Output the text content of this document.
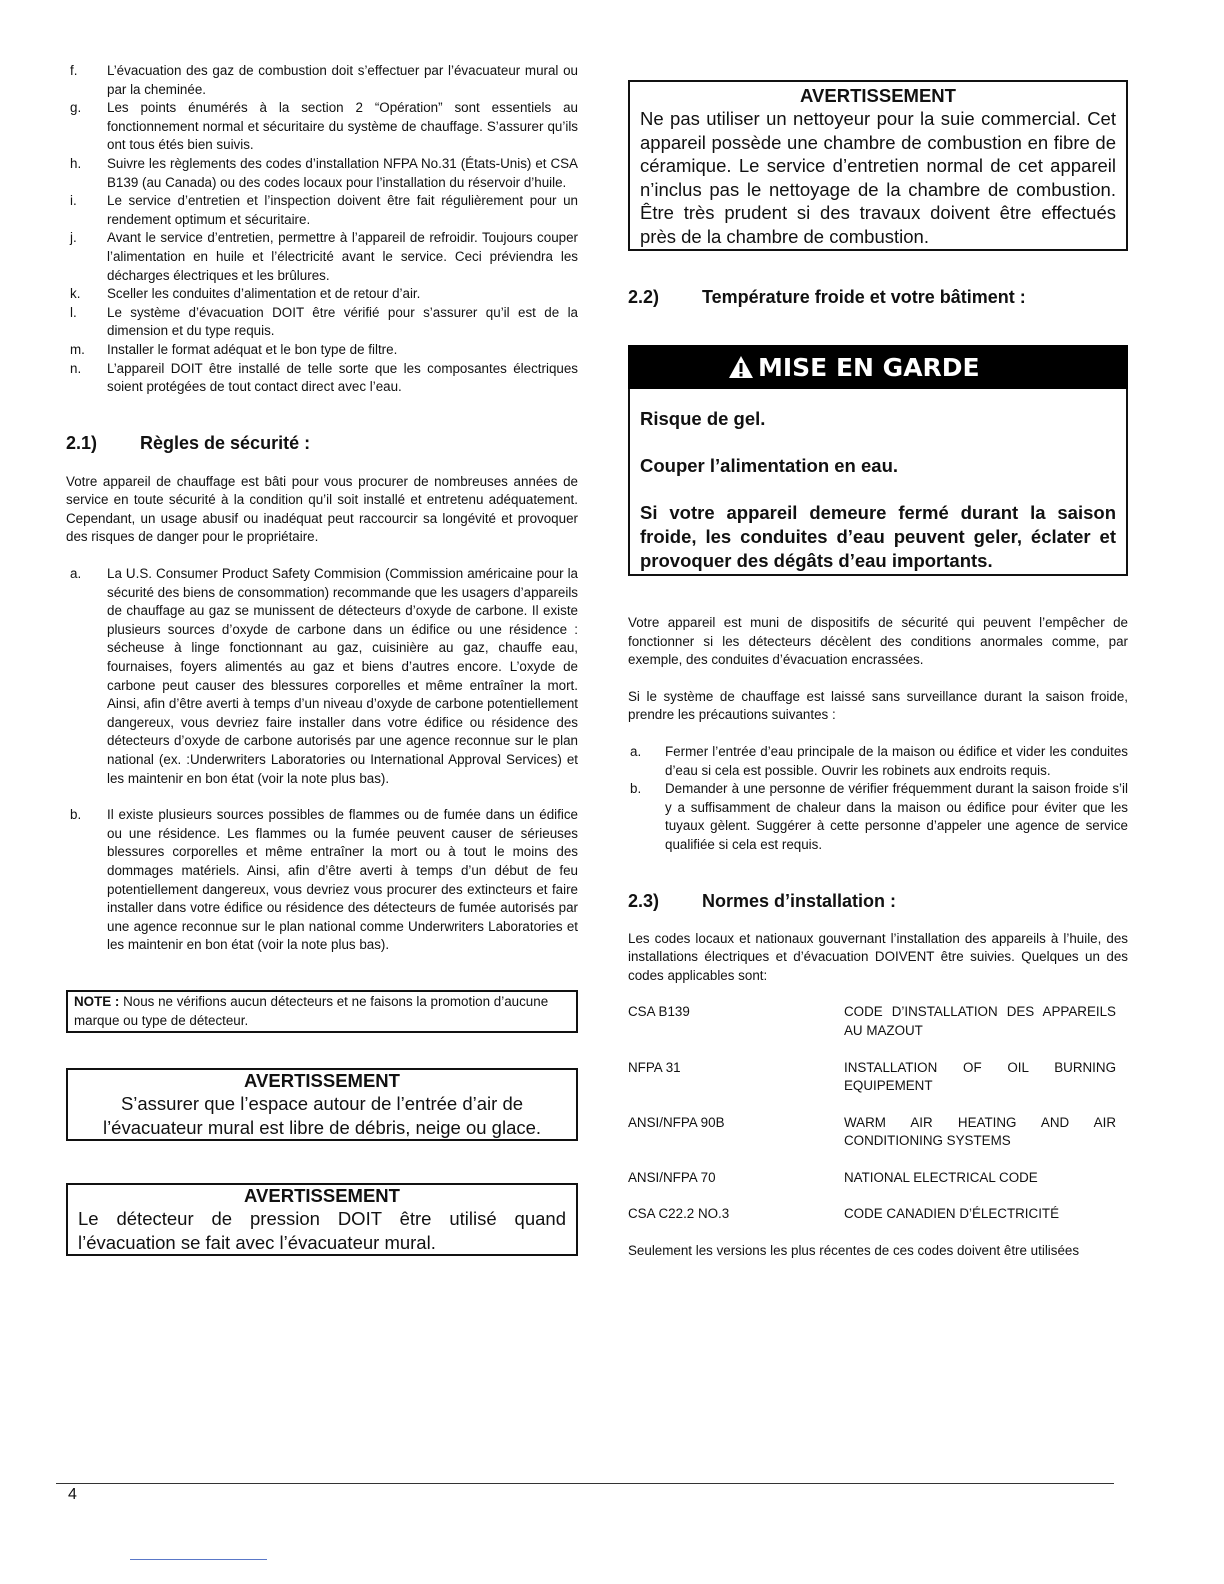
f. L’évacuation des gaz de combustion doit s’effectuer par l’évacuateur mural ou par la cheminée.
g. Les points énumérés à la section 2 “Opération” sont essentiels au fonctionnement normal et sécuritaire du système de chauffage. S’assurer qu’ils ont tous étés bien suivis.
h. Suivre les règlements des codes d’installation NFPA No.31 (États-Unis) et CSA B139 (au Canada) ou des codes locaux pour l’installation du réservoir d’huile.
i. Le service d’entretien et l’inspection doivent être fait régulièrement pour un rendement optimum et sécuritaire.
j. Avant le service d’entretien, permettre à l’appareil de refroidir. Toujours couper l’alimentation en huile et l’électricité avant le service. Ceci préviendra les décharges électriques et les brûlures.
k. Sceller les conduites d’alimentation et de retour d’air.
l. Le système d’évacuation DOIT être vérifié pour s’assurer qu’il est de la dimension et du type requis.
m. Installer le format adéquat et le bon type de filtre.
n. L’appareil DOIT être installé de telle sorte que les composantes électriques soient protégées de tout contact direct avec l’eau.
2.1)	Règles de sécurité :

Votre appareil de chauffage est bâti pour vous procurer de nombreuses années de service en toute sécurité à la condition qu’il soit installé et entretenu adéquatement. Cependant, un usage abusif ou inadéquat peut raccourcir sa longévité et provoquer des risques de danger pour le propriétaire.

a. La U.S. Consumer Product Safety Commision (Commission américaine pour la sécurité des biens de consommation) recommande que les usagers d’appareils de chauffage au gaz se munissent de détecteurs d’oxyde de carbone. Il existe plusieurs sources d’oxyde de carbone dans un édifice ou une résidence : sécheuse à linge fonctionnant au gaz, cuisinière au gaz, chauffe eau, fournaises, foyers alimentés au gaz et biens d’autres encore. L’oxyde de carbone peut causer des blessures corporelles et même entraîner la mort. Ainsi, afin d’être averti à temps d’un niveau d’oxyde de carbone potentiellement dangereux, vous devriez faire installer dans votre édifice ou résidence des détecteurs d’oxyde de carbone autorisés par une agence reconnue sur le plan national (ex. :Underwriters Laboratories ou International Approval Services) et les maintenir en bon état (voir la note plus bas).
b. Il existe plusieurs sources possibles de flammes ou de fumée dans un édifice ou une résidence. Les flammes ou la fumée peuvent causer de sérieuses blessures corporelles et même entraîner la mort ou à tout le moins des dommages matériels. Ainsi, afin d’être averti à temps d’un début de feu potentiellement dangereux, vous devriez vous procurer des extincteurs et faire installer dans votre édifice ou résidence des détecteurs de fumée autorisés par une agence reconnue sur le plan national comme Underwriters Laboratories et les maintenir en bon état (voir la note plus bas).
NOTE : Nous ne vérifions aucun détecteurs et ne faisons la promotion d’aucune marque ou type de détecteur.
AVERTISSEMENT
S’assurer que l’espace autour de l’entrée d’air de
l’évacuateur mural est libre de débris, neige ou glace.
AVERTISSEMENT
Le détecteur de pression DOIT être utilisé quand l’évacuation se fait avec l’évacuateur mural.
AVERTISSEMENT
Ne pas utiliser un nettoyeur pour la suie commercial. Cet appareil possède une chambre de combustion en fibre de céramique. Le service d’entretien normal de cet appareil n’inclus pas le nettoyage de la chambre de combustion. Être très prudent si des travaux doivent être effectués près de la chambre de combustion.
2.2)	Température froide et votre bâtiment :
MISE EN GARDE
Risque de gel.
Couper l’alimentation en eau.
Si votre appareil demeure fermé durant la saison froide, les conduites d’eau peuvent geler, éclater et provoquer des dégâts d’eau importants.

Votre appareil est muni de dispositifs de sécurité qui peuvent l’empêcher de fonctionner si les détecteurs décèlent des conditions anormales comme, par exemple, des conduites d’évacuation encrassées.

Si le système de chauffage est laissé sans surveillance durant la saison froide, prendre les précautions suivantes :

a. Fermer l’entrée d’eau principale de la maison ou édifice et vider les conduites d’eau si cela est possible. Ouvrir les robinets aux endroits requis.
b. Demander à une personne de vérifier fréquemment durant la saison froide s’il y a suffisamment de chaleur dans la maison ou édifice pour éviter que les tuyaux gèlent. Suggérer à cette personne d’appeler une agence de service qualifiée si cela est requis.
2.3)	Normes d’installation :

Les codes locaux et nationaux gouvernant l’installation des appareils à l’huile, des installations électriques et d’évacuation DOIVENT être suivies. Quelques un des codes applicables sont:

CSA B139	CODE D’INSTALLATION DES APPAREILS AU MAZOUT
NFPA 31	INSTALLATION OF OIL BURNING EQUIPEMENT
ANSI/NFPA 90B	WARM AIR HEATING AND AIR CONDITIONING SYSTEMS
ANSI/NFPA 70	NATIONAL ELECTRICAL CODE
CSA C22.2 NO.3	CODE CANADIEN D’ÉLECTRICITÉ

Seulement les versions les plus récentes de ces codes doivent être utilisées

4
